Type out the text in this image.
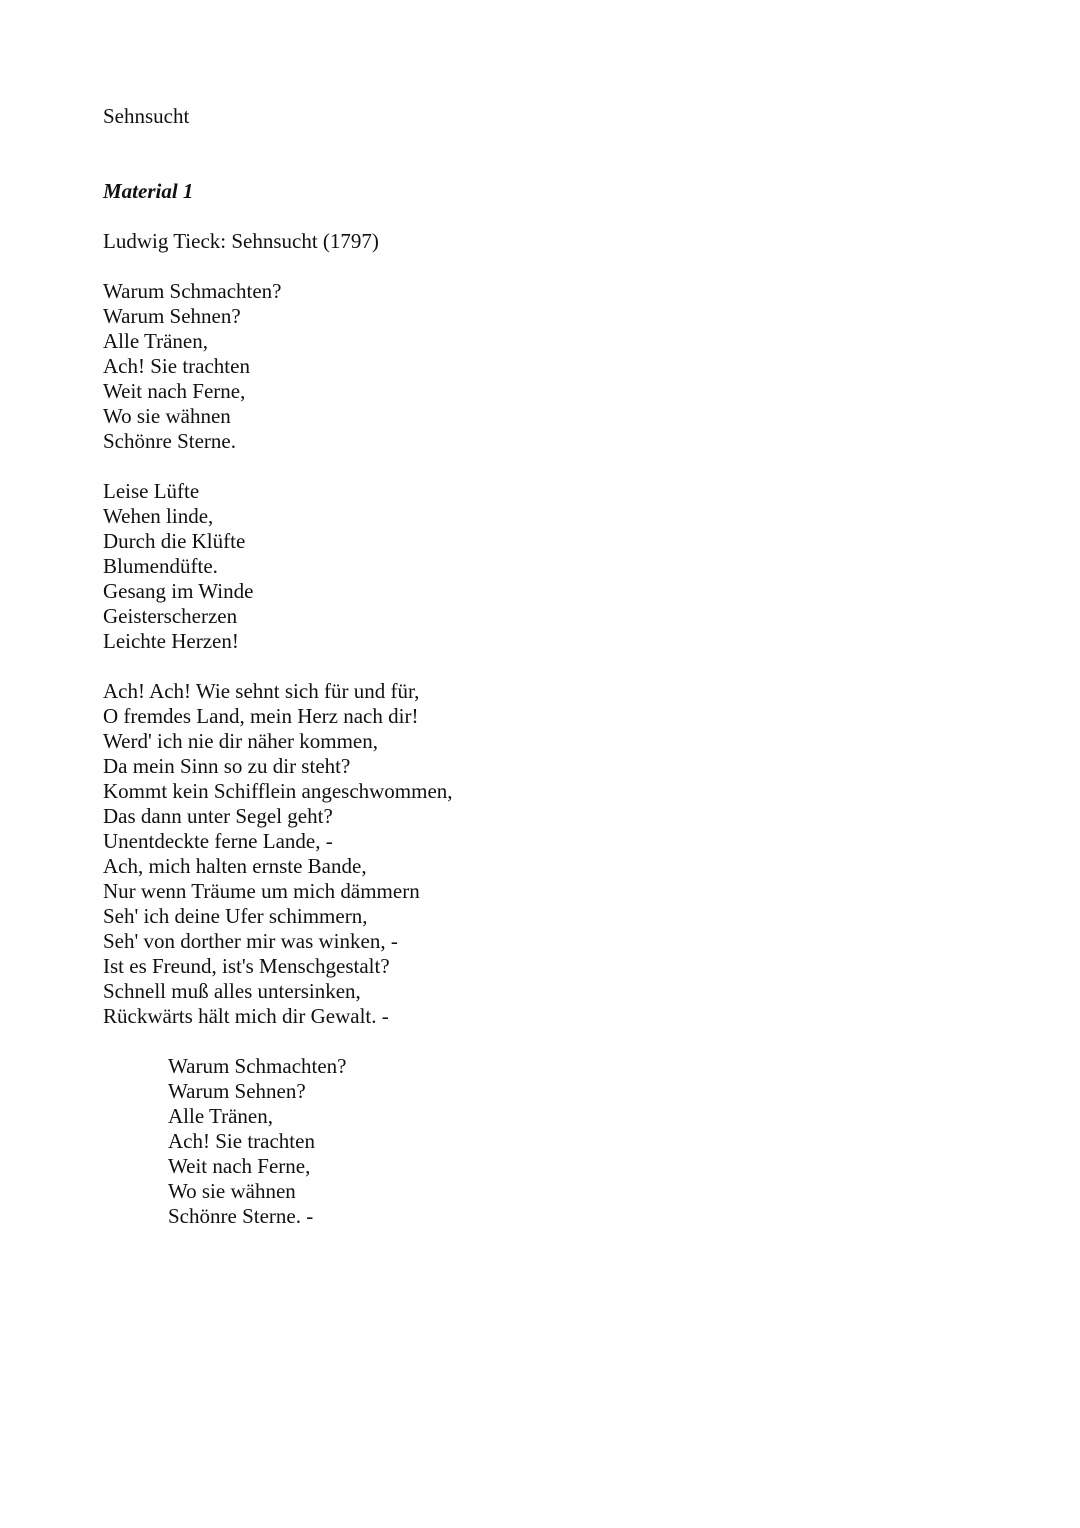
Sehnsucht
Material 1
Ludwig Tieck: Sehnsucht (1797)
Warum Schmachten?
Warum Sehnen?
Alle Tränen,
Ach! Sie trachten
Weit nach Ferne,
Wo sie wähnen
Schönre Sterne.
Leise Lüfte
Wehen linde,
Durch die Klüfte
Blumendüfte.
Gesang im Winde
Geisterscherzen
Leichte Herzen!
Ach! Ach! Wie sehnt sich für und für,
O fremdes Land, mein Herz nach dir!
Werd' ich nie dir näher kommen,
Da mein Sinn so zu dir steht?
Kommt kein Schifflein angeschwommen,
Das dann unter Segel geht?
Unentdeckte ferne Lande, -
Ach, mich halten ernste Bande,
Nur wenn Träume um mich dämmern
Seh' ich deine Ufer schimmern,
Seh' von dorther mir was winken, -
Ist es Freund, ist's Menschgestalt?
Schnell muß alles untersinken,
Rückwärts hält mich dir Gewalt. -
Warum Schmachten?
Warum Sehnen?
Alle Tränen,
Ach! Sie trachten
Weit nach Ferne,
Wo sie wähnen
Schönre Sterne. -
